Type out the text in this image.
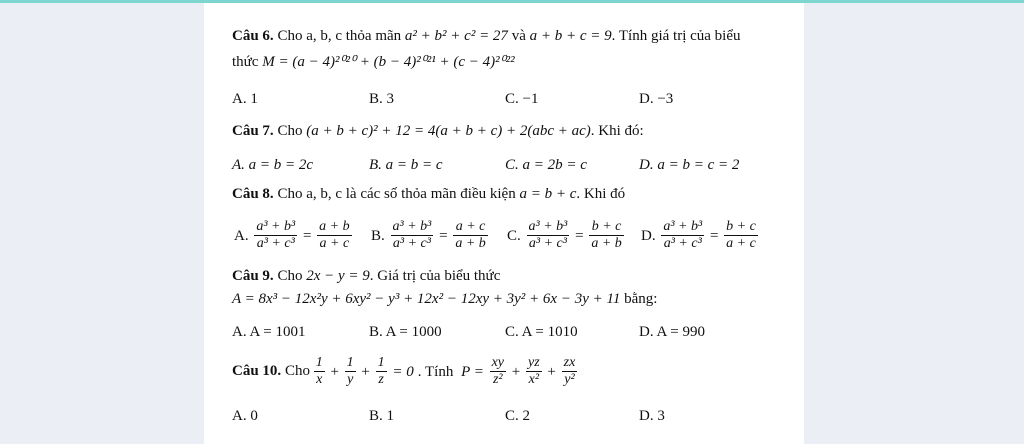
Câu 6. Cho a, b, c thỏa mãn a² + b² + c² = 27 và a + b + c = 9. Tính giá trị của biểu
thức M = (a − 4)²⁰²⁰ + (b − 4)²⁰²¹ + (c − 4)²⁰²²
A. 1	B. 3	C. −1	D. −3
Câu 7. Cho (a + b + c)² + 12 = 4(a + b + c) + 2(abc + ac). Khi đó:
A. a = b = 2c	B. a = b = c	C. a = 2b = c	D. a = b = c = 2
Câu 8. Cho a, b, c là các số thỏa mãn điều kiện a = b + c. Khi đó
A. $\frac{\text{a³ + b³}}{\text{a³ + c³}} = \frac{a + b}{a + c} B$. $\frac{\text{a³ + b³}}{\text{a³ + c³}} = \frac{a + c}{a + b} C$. $\frac{\text{a³ + b³}}{\text{a³ + c³}} = \frac{b + c}{a + b} D$. $\frac{\text{a³ + b³}}{\text{a³ + c³}} = \frac{b + c}{a + c}$
Câu 9. Cho 2x − y = 9. Giá trị của biểu thức
A = 8x³ − 12x²y + 6xy² − y³ + 12x² − 12xy + 3y² + 6x − 3y + 11 bằng:
A. A = 1001	B. A = 1000	C. A = 1010	D. A = 990
Câu 10. Cho $\frac{1}{x} + \frac{1}{y} + \frac{1}{z} = 0$ . Tính $P = \frac{xy}{\text{z²}} + \frac{yz}{\text{x²}} + \frac{zx}{\text{y²}}$
A. 0	B. 1	C. 2	D. 3
